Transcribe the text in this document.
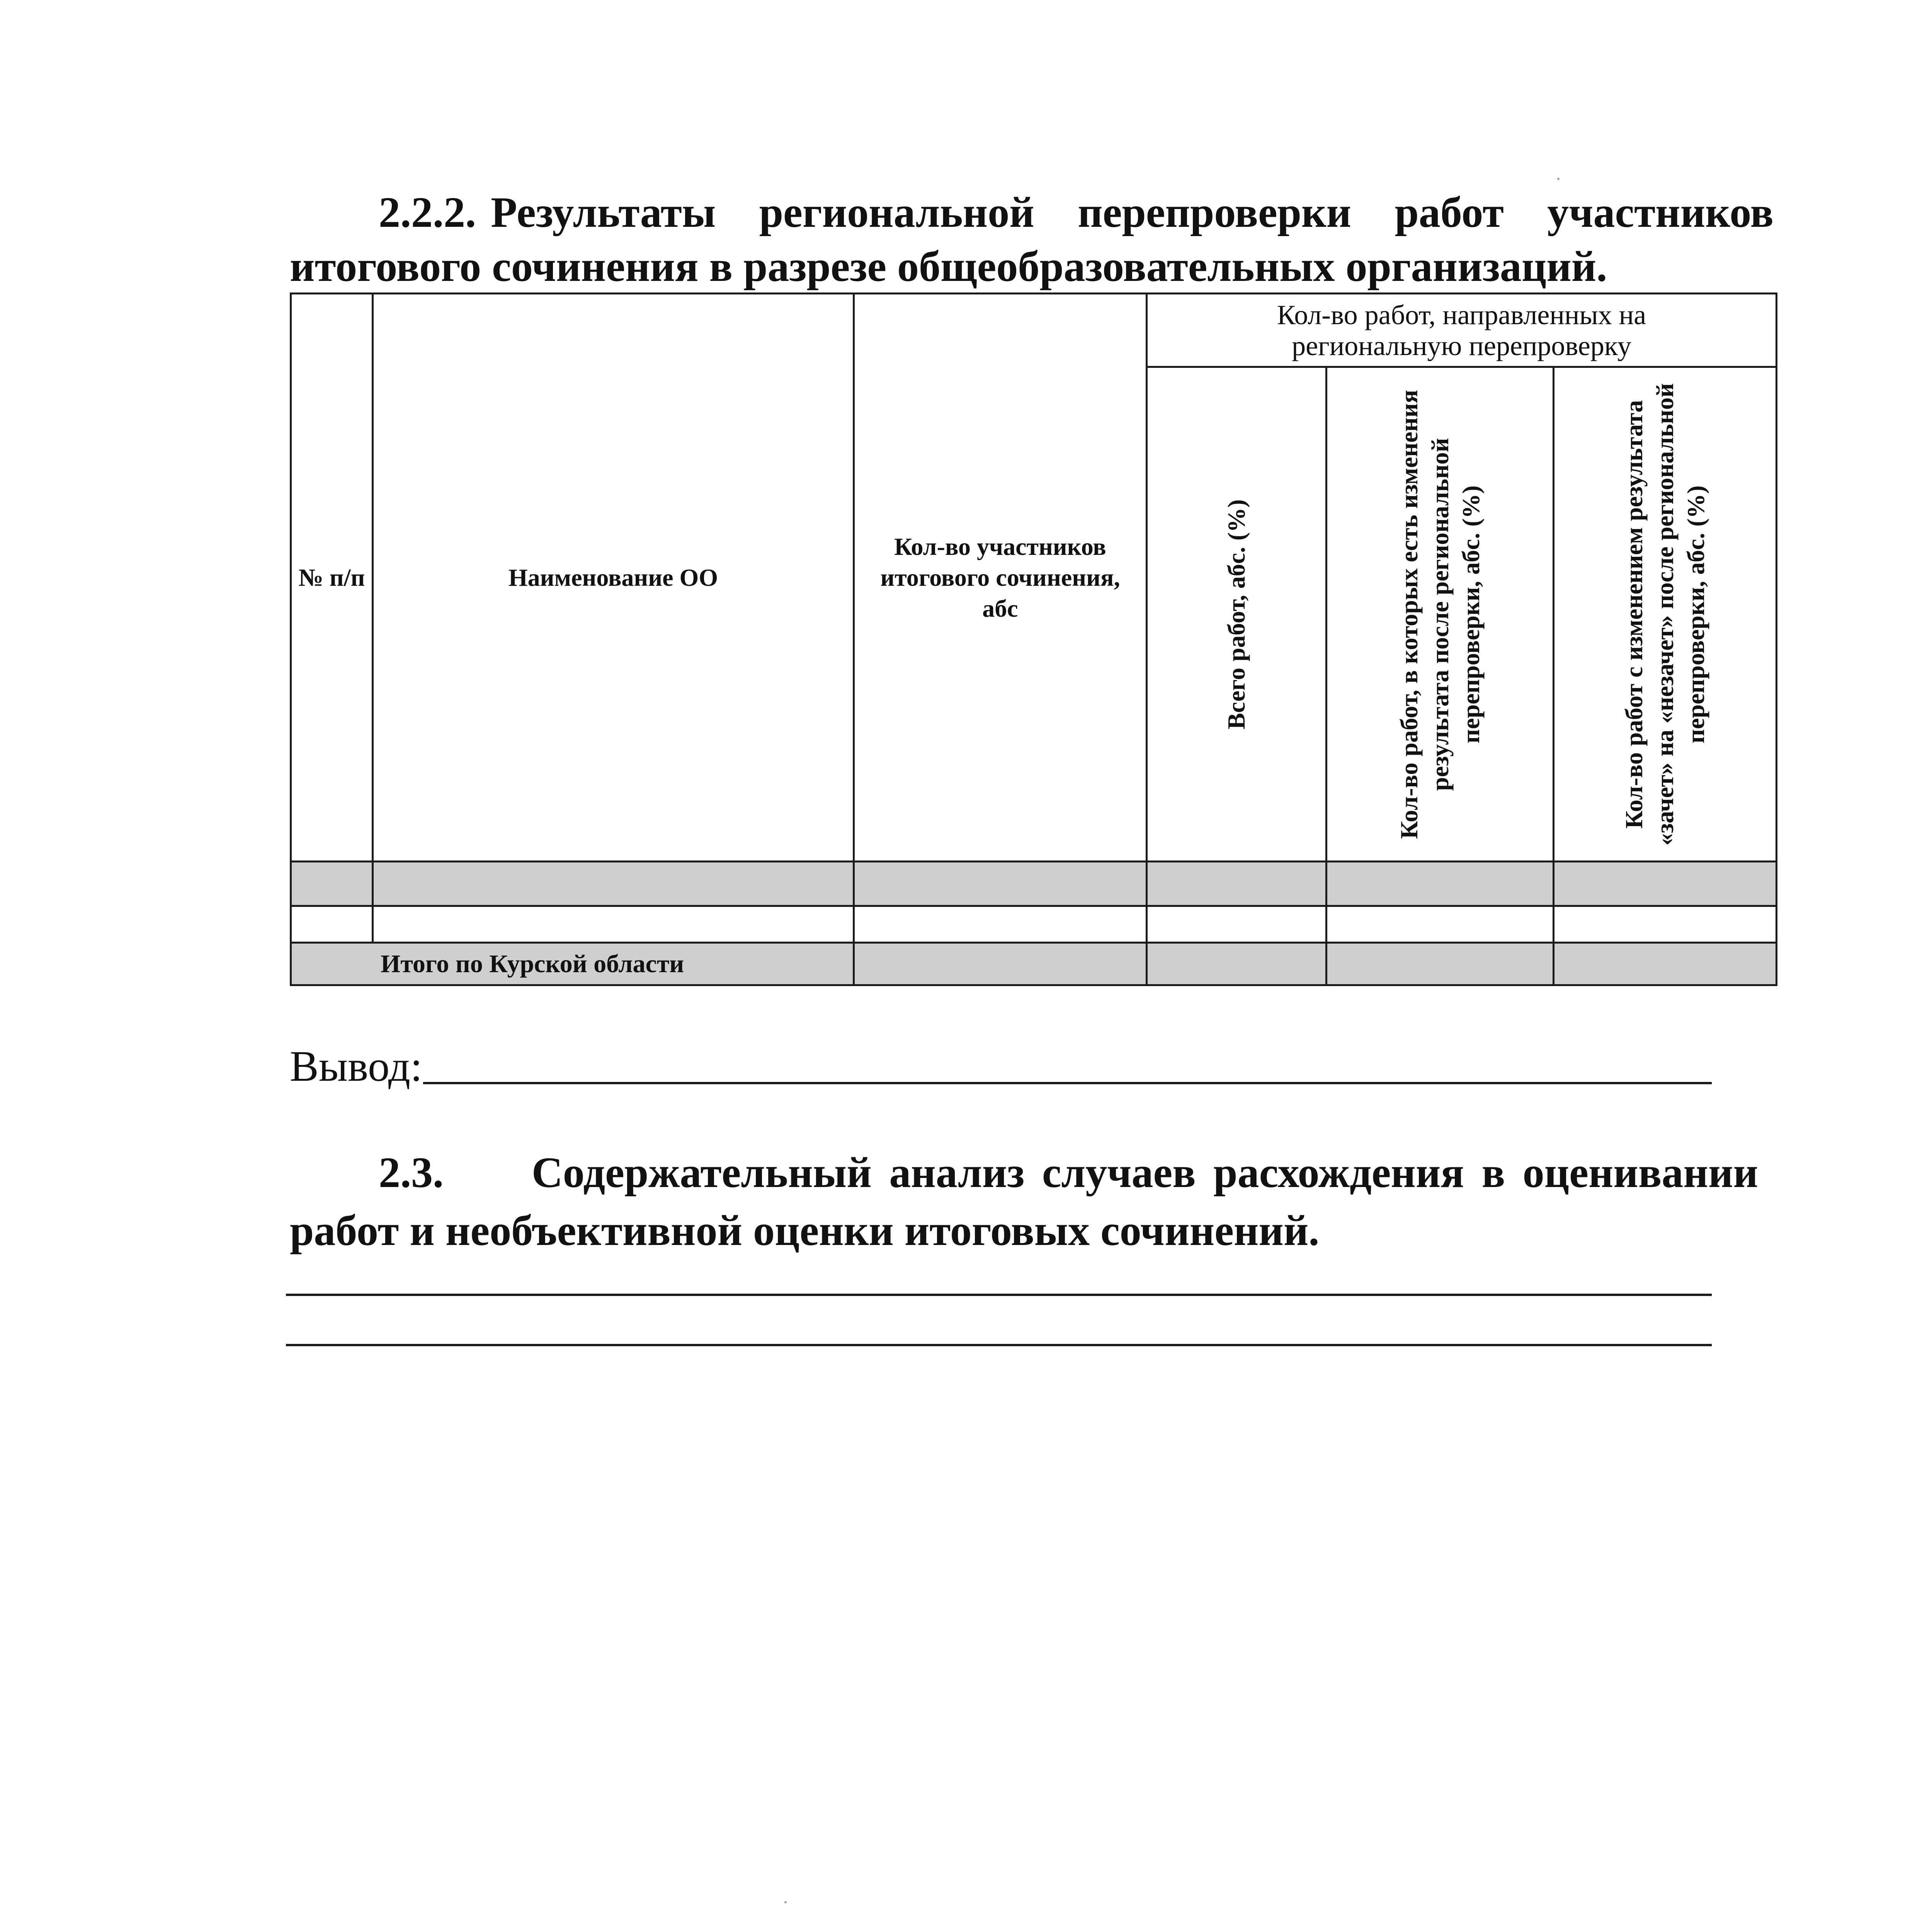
2.2.2. Результаты региональной перепроверки работ участников итогового сочинения в разрезе общеобразовательных организаций.
№ п/п	Наименование ОО	Кол-во участников итогового сочинения, абс	Кол-во работ, направленных на региональную перепроверку		

			Всего работ, абс. (%)	Кол-во работ, в которых есть изменения результата после региональной перепроверки, абс. (%)	Кол-во работ с изменением результата «зачет» на «незачет» после региональной перепроверки, абс. (%)

Итого по Курской области					
Вывод:
2.3. Содержательный анализ случаев расхождения в оценивании работ и необъективной оценки итоговых сочинений.
